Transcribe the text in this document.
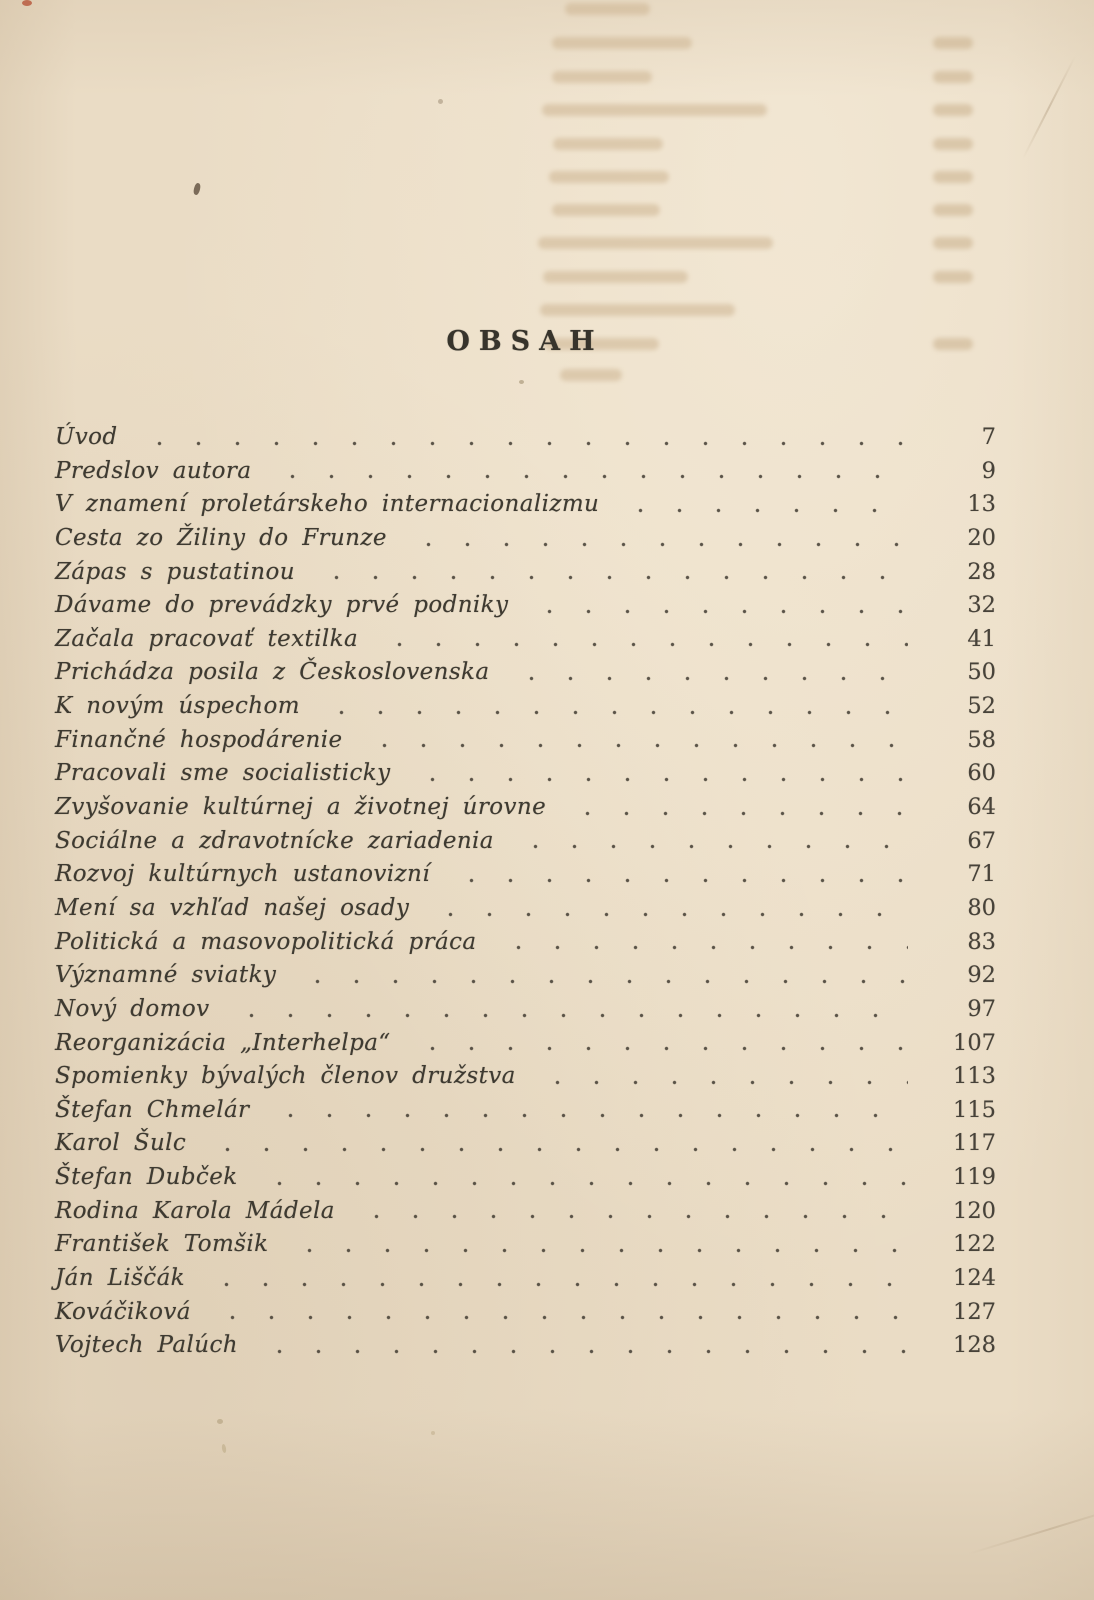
OBSAH
Úvod	7
Predslov autora	9
V znamení proletárskeho internacionalizmu	13
Cesta zo Žiliny do Frunze	20
Zápas s pustatinou	28
Dávame do prevádzky prvé podniky	32
Začala pracovať textilka	41
Prichádza posila z Československa	50
K novým úspechom	52
Finančné hospodárenie	58
Pracovali sme socialisticky	60
Zvyšovanie kultúrnej a životnej úrovne	64
Sociálne a zdravotnícke zariadenia	67
Rozvoj kultúrnych ustanovizní	71
Mení sa vzhľad našej osady	80
Politická a masovopolitická práca	83
Významné sviatky	92
Nový domov	97
Reorganizácia „Interhelpa“	107
Spomienky bývalých členov družstva	113
Štefan Chmelár	115
Karol Šulc	117
Štefan Dubček	119
Rodina Karola Mádela	120
František Tomšik	122
Ján Liščák	124
Kováčiková	127
Vojtech Palúch	128
